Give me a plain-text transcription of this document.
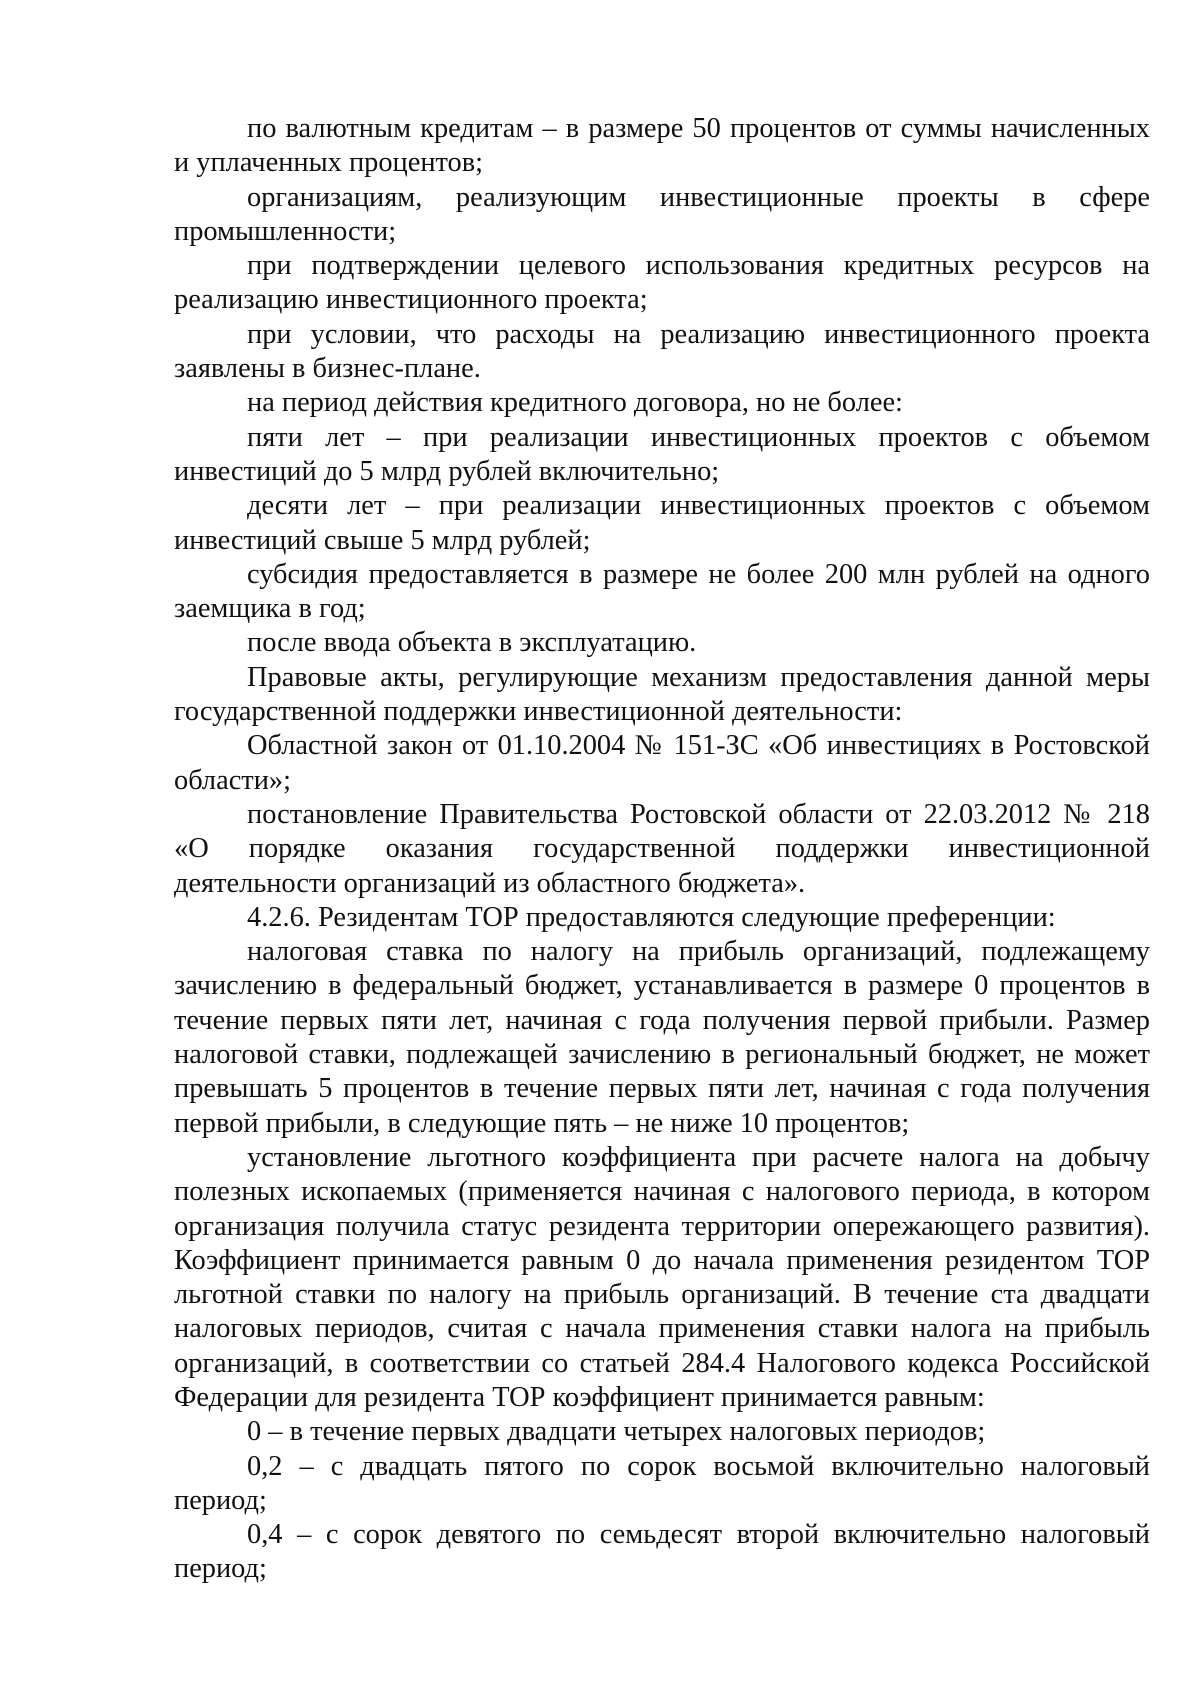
по валютным кредитам – в размере 50 процентов от суммы начисленных и уплаченных процентов;

организациям, реализующим инвестиционные проекты в сфере промышленности;

при подтверждении целевого использования кредитных ресурсов на реализацию инвестиционного проекта;

при условии, что расходы на реализацию инвестиционного проекта заявлены в бизнес-плане.

на период действия кредитного договора, но не более:

пяти лет – при реализации инвестиционных проектов с объемом инвестиций до 5 млрд рублей включительно;

десяти лет – при реализации инвестиционных проектов с объемом инвестиций свыше 5 млрд рублей;

субсидия предоставляется в размере не более 200 млн рублей на одного заемщика в год;

после ввода объекта в эксплуатацию.

Правовые акты, регулирующие механизм предоставления данной меры государственной поддержки инвестиционной деятельности:

Областной закон от 01.10.2004 № 151-ЗС «Об инвестициях в Ростовской области»;

постановление Правительства Ростовской области от 22.03.2012 № 218 «О порядке оказания государственной поддержки инвестиционной деятельности организаций из областного бюджета».

4.2.6. Резидентам ТОР предоставляются следующие преференции:

налоговая ставка по налогу на прибыль организаций, подлежащему зачислению в федеральный бюджет, устанавливается в размере 0 процентов в течение первых пяти лет, начиная с года получения первой прибыли. Размер налоговой ставки, подлежащей зачислению в региональный бюджет, не может превышать 5 процентов в течение первых пяти лет, начиная с года получения первой прибыли, в следующие пять – не ниже 10 процентов;

установление льготного коэффициента при расчете налога на добычу полезных ископаемых (применяется начиная с налогового периода, в котором организация получила статус резидента территории опережающего развития). Коэффициент принимается равным 0 до начала применения резидентом ТОР льготной ставки по налогу на прибыль организаций. В течение ста двадцати налоговых периодов, считая с начала применения ставки налога на прибыль организаций, в соответствии со статьей 284.4 Налогового кодекса Российской Федерации для резидента ТОР коэффициент принимается равным:

0 – в течение первых двадцати четырех налоговых периодов;

0,2 – с двадцать пятого по сорок восьмой включительно налоговый период;

0,4 – с сорок девятого по семьдесят второй включительно налоговый период;
